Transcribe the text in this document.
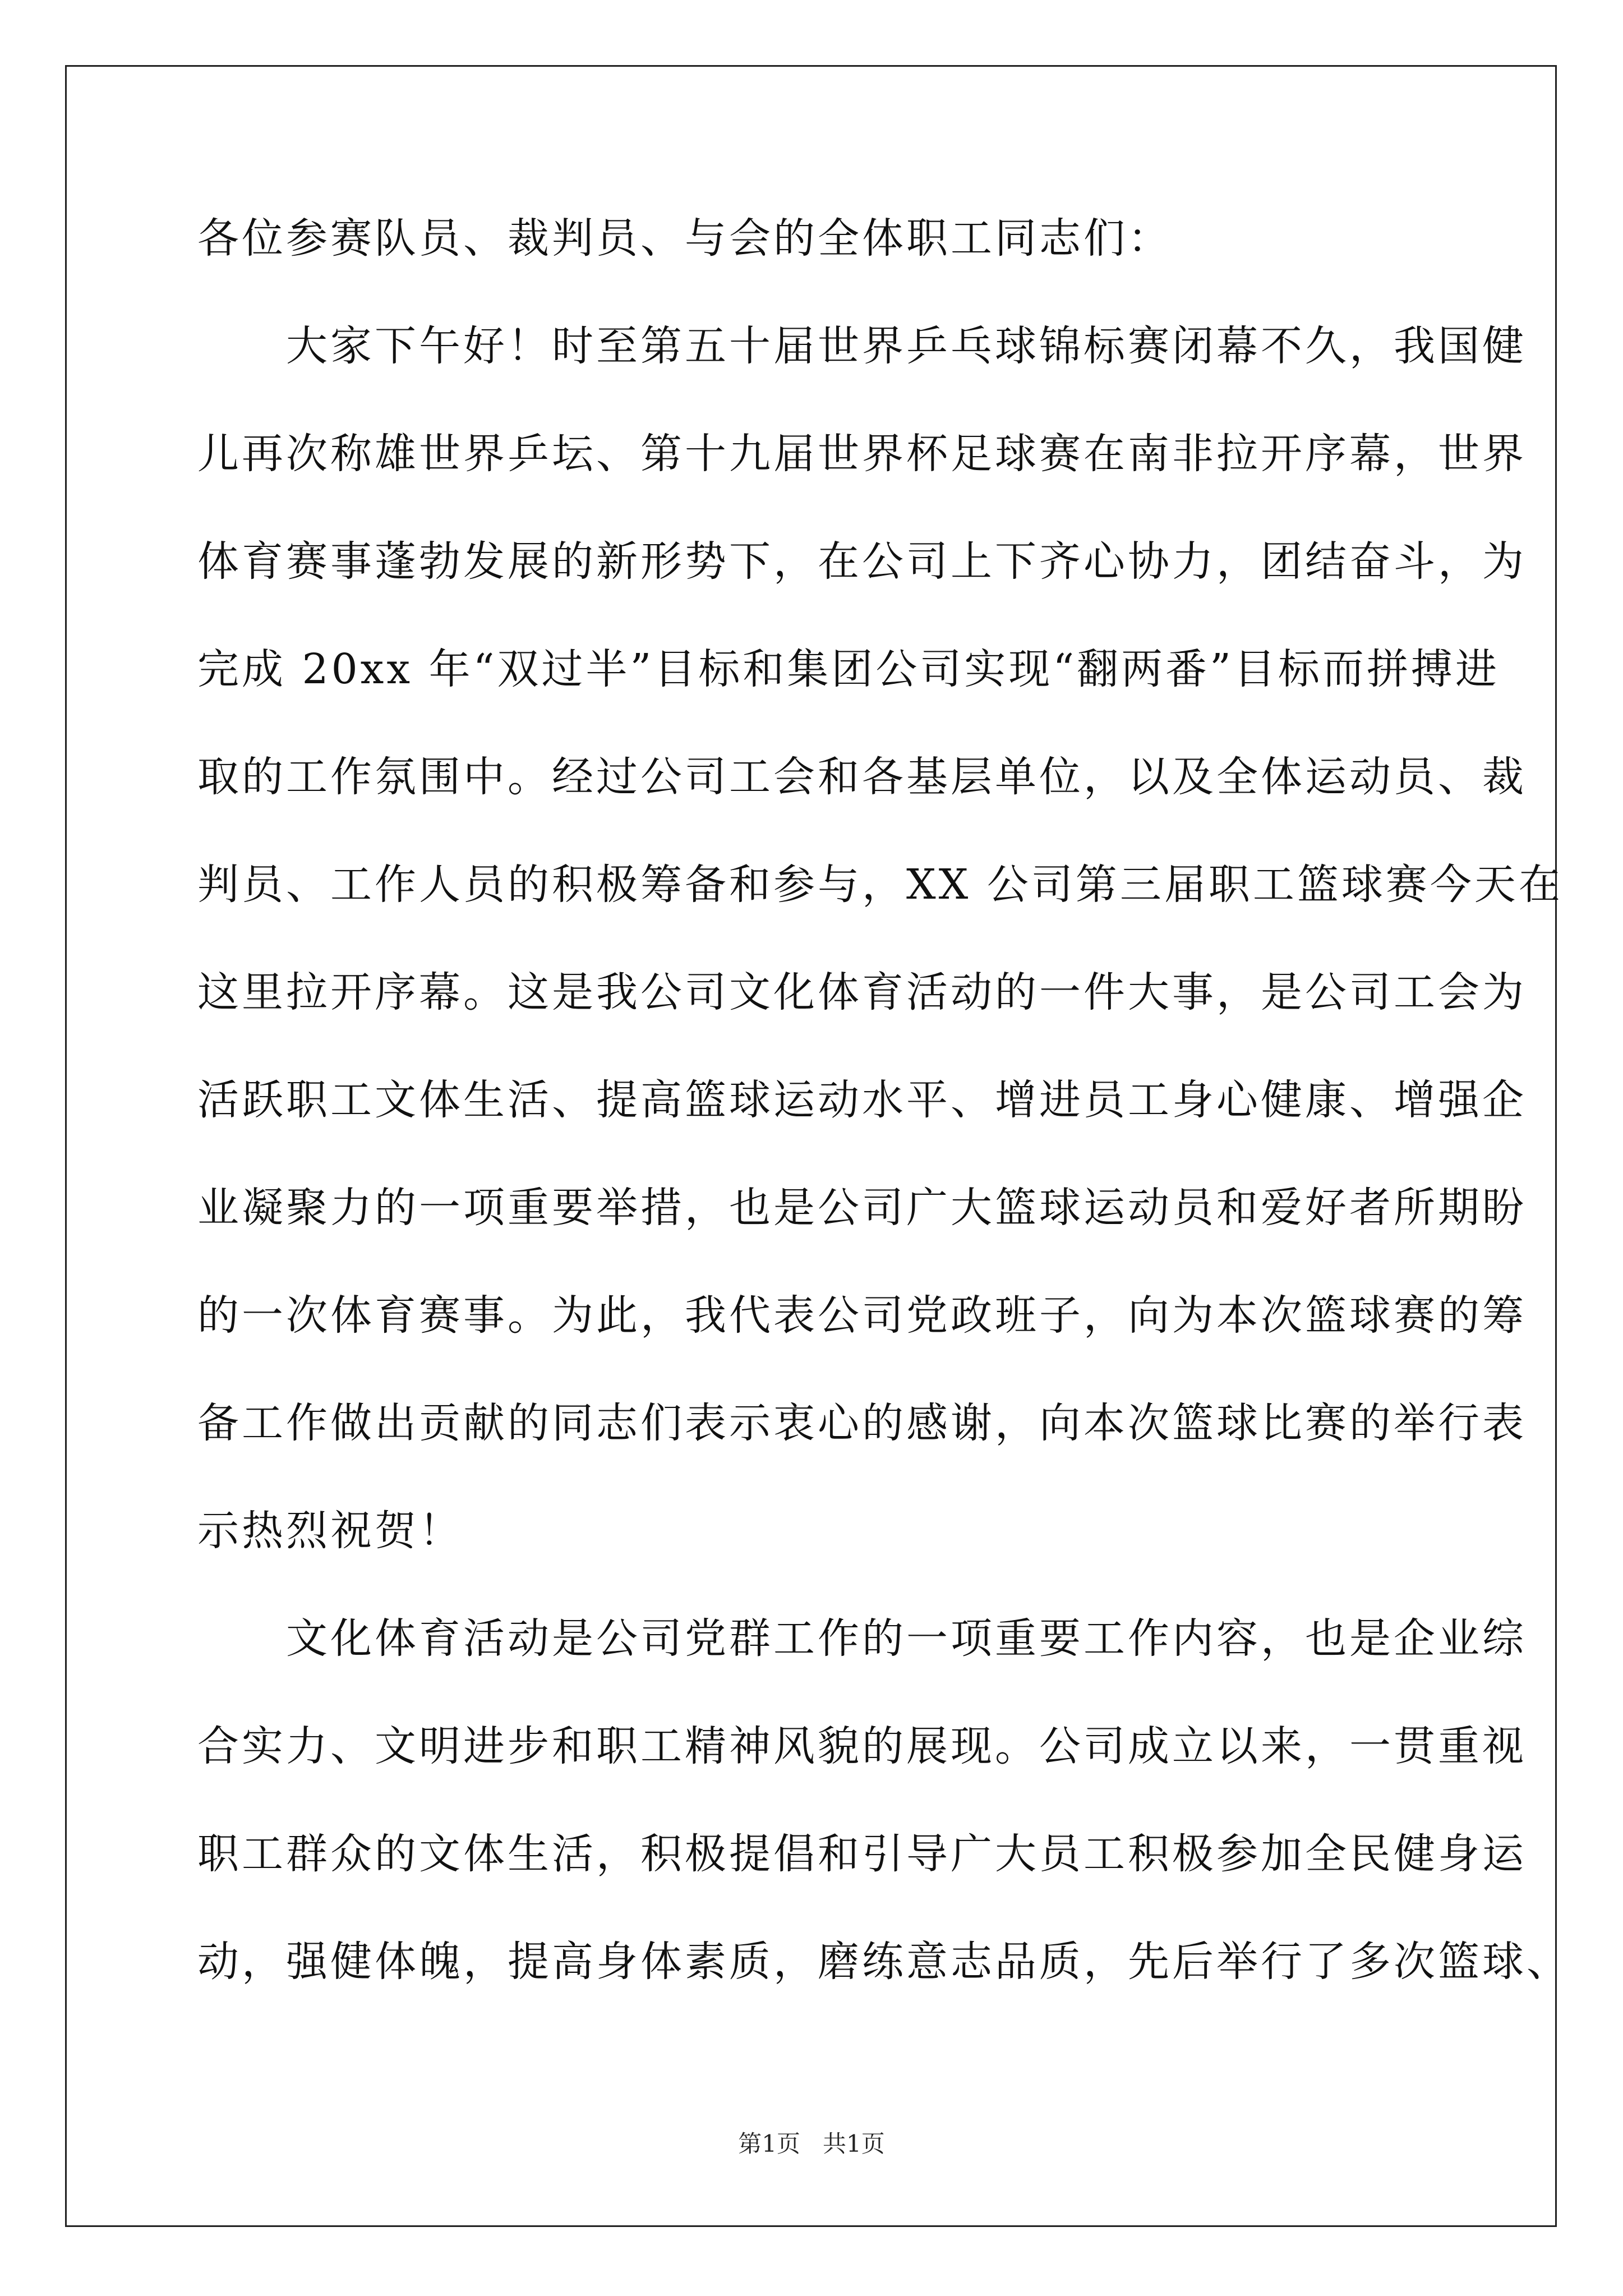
各位参赛队员、裁判员、与会的全体职工同志们：
　　大家下午好！时至第五十届世界乒乓球锦标赛闭幕不久，我国健
儿再次称雄世界乒坛、第十九届世界杯足球赛在南非拉开序幕，世界
体育赛事蓬勃发展的新形势下，在公司上下齐心协力，团结奋斗，为
完成 20xx 年“双过半”目标和集团公司实现“翻两番”目标而拼搏进
取的工作氛围中。经过公司工会和各基层单位，以及全体运动员、裁
判员、工作人员的积极筹备和参与，XX 公司第三届职工篮球赛今天在
这里拉开序幕。这是我公司文化体育活动的一件大事，是公司工会为
活跃职工文体生活、提高篮球运动水平、增进员工身心健康、增强企
业凝聚力的一项重要举措，也是公司广大篮球运动员和爱好者所期盼
的一次体育赛事。为此，我代表公司党政班子，向为本次篮球赛的筹
备工作做出贡献的同志们表示衷心的感谢，向本次篮球比赛的举行表
示热烈祝贺！
　　文化体育活动是公司党群工作的一项重要工作内容，也是企业综
合实力、文明进步和职工精神风貌的展现。公司成立以来，一贯重视
职工群众的文体生活，积极提倡和引导广大员工积极参加全民健身运
动，强健体魄，提高身体素质，磨练意志品质，先后举行了多次篮球、
第1页   共1页
